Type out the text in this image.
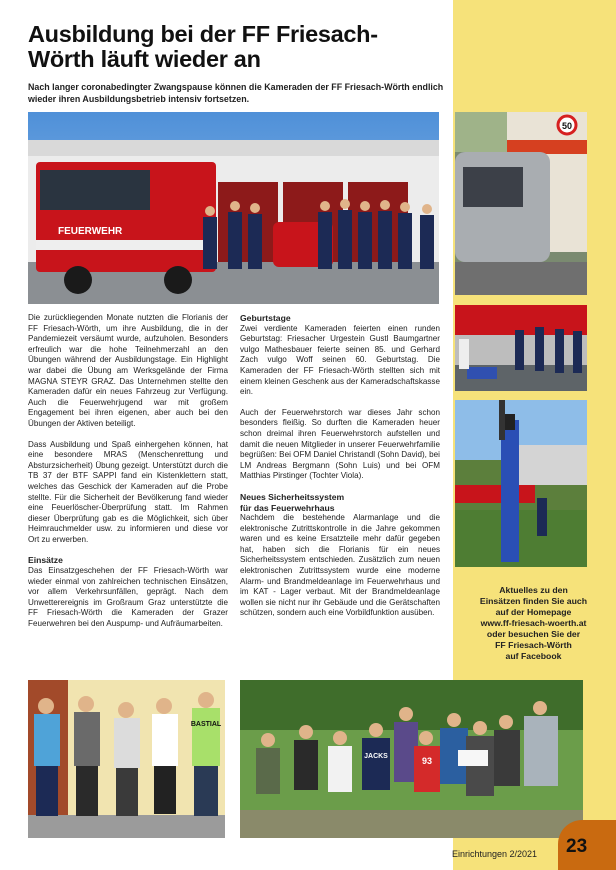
Ausbildung bei der FF Friesach-
Wörth läuft wieder an

Nach langer coronabedingter Zwangspause können die Kameraden der FF Friesach-Wörth endlich wieder ihren Ausbildungsbetrieb intensiv fortsetzen.

FEUERWEHR
50

Die zurückliegenden Monate nutzten die Florianis der FF Friesach-Wörth, um ihre Ausbildung, die in der Pandemiezeit versäumt wurde, aufzuholen. Besonders erfreulich war die hohe Teilnehmerzahl an den Übungen während der Ausbildungstage. Ein Highlight war dabei die Übung am Werksgelände der Firma MAGNA STEYR GRAZ. Das Unternehmen stellte den Kameraden dafür ein neues Fahrzeug zur Verfügung. Auch die Feuerwehrjugend war mit großem Engagement bei ihren eigenen, aber auch bei den Übungen der Aktiven beteiligt.

Dass Ausbildung und Spaß einhergehen können, hat eine besondere MRAS (Menschenrettung und Absturzsicherheit) Übung gezeigt. Unterstützt durch die TB 37 der BTF SAPPI fand ein Kistenklettern statt, welches das Geschick der Kameraden auf die Probe stellte. Für die Sicherheit der Bevölkerung fand wieder eine Feuerlöscher-Überprüfung statt. Im Rahmen dieser Überprüfung gab es die Möglichkeit, sich über Heimrauchmelder usw. zu informieren und diese vor Ort zu erwerben.

Einsätze

Das Einsatzgeschehen der FF Friesach-Wörth war wieder einmal von zahlreichen technischen Einsätzen, vor allem Verkehrsunfällen, geprägt. Nach dem Unwetterereignis im Großraum Graz unterstützte die FF Friesach-Wörth die Kameraden der Grazer Feuerwehren bei den Auspump- und Aufräumarbeiten.

Geburtstage

Zwei verdiente Kameraden feierten einen runden Geburtstag: Friesacher Urgestein Gustl Baumgartner vulgo Mathesbauer feierte seinen 85. und Gerhard Zach vulgo Woff seinen 60. Geburtstag. Die Kameraden der FF Friesach-Wörth stellten sich mit einem kleinen Geschenk aus der Kameradschaftskasse ein.

Auch der Feuerwehrstorch war dieses Jahr schon besonders fleißig. So durften die Kameraden heuer schon dreimal ihren Feuerwehrstorch aufstellen und damit die neuen Mitglieder in unserer Feuerwehrfamilie begrüßen: Bei OFM Daniel Christandl (Sohn David), bei LM Andreas Bergmann (Sohn Luis) und bei OFM Matthias Pirstinger (Tochter Viola).

Neues Sicherheitssystem
für das Feuerwehrhaus

Nachdem die bestehende Alarmanlage und die elektronische Zutrittskontrolle in die Jahre gekommen waren und es keine Ersatzteile mehr dafür gegeben hat, haben sich die Florianis für ein neues Sicherheitssystem entschieden. Zusätzlich zum neuen elektronischen Zutrittssystem wurde eine moderne Alarm- und Brandmeldeanlage im Feuerwehrhaus und im KAT - Lager verbaut. Mit der Brandmeldeanlage wollen sie nicht nur ihr Gebäude und die Gerätschaften schützen, sondern auch eine Vorbildfunktion ausüben.

Aktuelles zu den
Einsätzen finden Sie auch
auf der Homepage
www.ff-friesach-woerth.at
oder besuchen Sie der
FF Friesach-Wörth
auf Facebook
BASTIAL
JACKS	93
Einrichtungen 2/2021 23
